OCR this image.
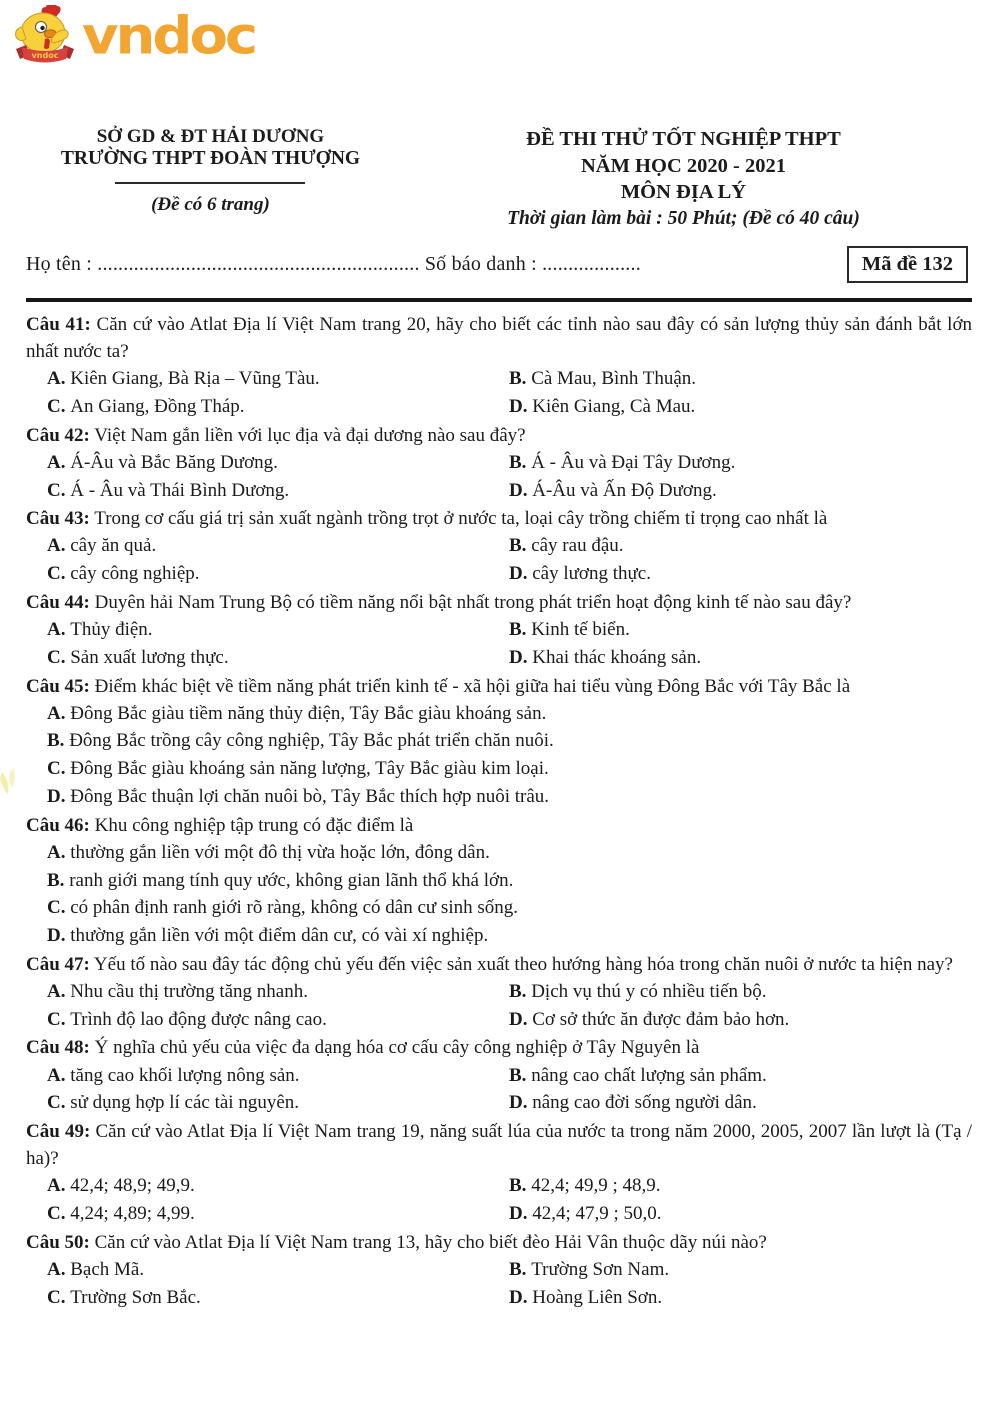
vndoc vndoc
SỞ GD & ĐT HẢI DƯƠNG
TRƯỜNG THPT ĐOÀN THƯỢNG
(Đề có 6 trang)
ĐỀ THI THỬ TỐT NGHIỆP THPT
NĂM HỌC 2020 - 2021
MÔN ĐỊA LÝ
Thời gian làm bài : 50 Phút; (Đề có 40 câu)
Họ tên : .............................................................. Số báo danh : ...................	Mã đề 132

Câu 41: Căn cứ vào Atlat Địa lí Việt Nam trang 20, hãy cho biết các tỉnh nào sau đây có sản lượng thủy sản đánh bắt lớn nhất nước ta?

A. Kiên Giang, Bà Rịa – Vũng Tàu.	B. Cà Mau, Bình Thuận.
C. An Giang, Đồng Tháp.	D. Kiên Giang, Cà Mau.

Câu 42: Việt Nam gắn liền với lục địa và đại dương nào sau đây?

A. Á-Âu và Bắc Băng Dương.	B. Á - Âu và Đại Tây Dương.
C. Á - Âu và Thái Bình Dương.	D. Á-Âu và Ấn Độ Dương.

Câu 43: Trong cơ cấu giá trị sản xuất ngành trồng trọt ở nước ta, loại cây trồng chiếm tỉ trọng cao nhất là

A. cây ăn quả.	B. cây rau đậu.
C. cây công nghiệp.	D. cây lương thực.

Câu 44: Duyên hải Nam Trung Bộ có tiềm năng nổi bật nhất trong phát triển hoạt động kinh tế nào sau đây?

A. Thủy điện.	B. Kinh tế biển.
C. Sản xuất lương thực.	D. Khai thác khoáng sản.

Câu 45: Điểm khác biệt về tiềm năng phát triển kinh tế - xã hội giữa hai tiểu vùng Đông Bắc với Tây Bắc là

A. Đông Bắc giàu tiềm năng thủy điện, Tây Bắc giàu khoáng sản.
B. Đông Bắc trồng cây công nghiệp, Tây Bắc phát triển chăn nuôi.
C. Đông Bắc giàu khoáng sản năng lượng, Tây Bắc giàu kim loại.
D. Đông Bắc thuận lợi chăn nuôi bò, Tây Bắc thích hợp nuôi trâu.

Câu 46: Khu công nghiệp tập trung có đặc điểm là

A. thường gắn liền với một đô thị vừa hoặc lớn, đông dân.
B. ranh giới mang tính quy ước, không gian lãnh thổ khá lớn.
C. có phân định ranh giới rõ ràng, không có dân cư sinh sống.
D. thường gắn liền với một điểm dân cư, có vài xí nghiệp.

Câu 47: Yếu tố nào sau đây tác động chủ yếu đến việc sản xuất theo hướng hàng hóa trong chăn nuôi ở nước ta hiện nay?

A. Nhu cầu thị trường tăng nhanh.	B. Dịch vụ thú y có nhiều tiến bộ.
C. Trình độ lao động được nâng cao.	D. Cơ sở thức ăn được đảm bảo hơn.

Câu 48: Ý nghĩa chủ yếu của việc đa dạng hóa cơ cấu cây công nghiệp ở Tây Nguyên là

A. tăng cao khối lượng nông sản.	B. nâng cao chất lượng sản phẩm.
C. sử dụng hợp lí các tài nguyên.	D. nâng cao đời sống người dân.

Câu 49: Căn cứ vào Atlat Địa lí Việt Nam trang 19, năng suất lúa của nước ta trong năm 2000, 2005, 2007 lần lượt là (Tạ / ha)?

A. 42,4; 48,9; 49,9.	B. 42,4; 49,9 ; 48,9.
C. 4,24; 4,89; 4,99.	D. 42,4; 47,9 ; 50,0.

Câu 50: Căn cứ vào Atlat Địa lí Việt Nam trang 13, hãy cho biết đèo Hải Vân thuộc dãy núi nào?

A. Bạch Mã.	B. Trường Sơn Nam.
C. Trường Sơn Bắc.	D. Hoàng Liên Sơn.
